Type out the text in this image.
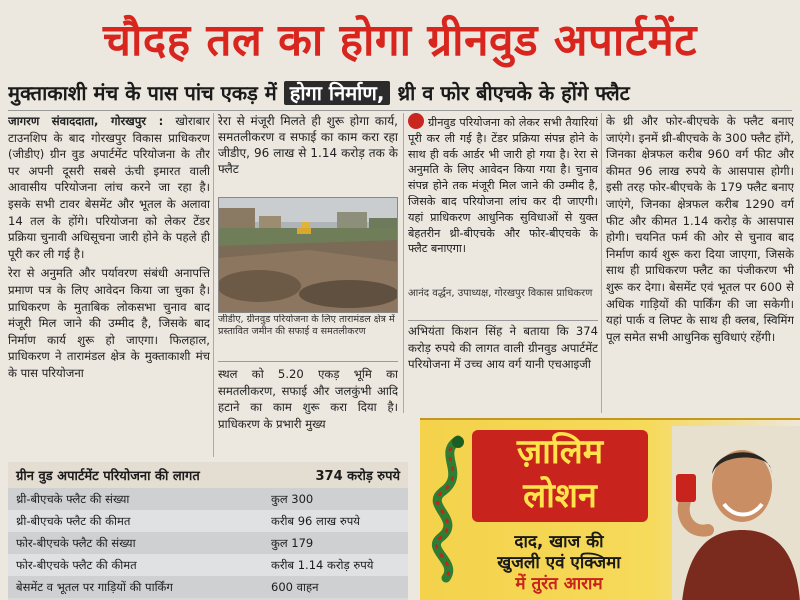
चौदह तल का होगा ग्रीनवुड अपार्टमेंट
मुक्ताकाशी मंच के पास पांच एकड़ में होगा निर्माण, थ्री व फोर बीएचके के होंगे फ्लैट

जागरण संवाददाता, गोरखपुर : खोराबार टाउनशिप के बाद गोरखपुर विकास प्राधिकरण (जीडीए) ग्रीन वुड अपार्टमेंट परियोजना के तौर पर अपनी दूसरी सबसे ऊंची इमारत वाली आवासीय परियोजना लांच करने जा रहा है। इसके सभी टावर बेसमेंट और भूतल के अलावा 14 तल के होंगे। परियोजना को लेकर टेंडर प्रक्रिया चुनावी अधिसूचना जारी होने के पहले ही पूरी कर ली गई है।

रेरा से अनुमति और पर्यावरण संबंधी अनापत्ति प्रमाण पत्र के लिए आवेदन किया जा चुका है। प्राधिकरण के मुताबिक लोकसभा चुनाव बाद मंजूरी मिल जाने की उम्मीद है, जिसके बाद निर्माण कार्य शुरू हो जाएगा। फिलहाल, प्राधिकरण ने तारामंडल क्षेत्र के मुक्ताकाशी मंच के पास परियोजना

रेरा से मंजूरी मिलते ही शुरू होगा कार्य, समतलीकरण व सफाई का काम करा रहा जीडीए, 96 लाख से 1.14 करोड़ तक के फ्लैट
जीडीए, ग्रीनवुड परियोजना के लिए तारामंडल क्षेत्र में प्रस्तावित जमीन की सफाई व समतलीकरण
स्थल को 5.20 एकड़ भूमि का समतलीकरण, सफाई और जलकुंभी आदि हटाने का काम शुरू करा दिया है। प्राधिकरण के प्रभारी मुख्य
ग्रीनवुड परियोजना को लेकर सभी तैयारियां पूरी कर ली गई है। टेंडर प्रक्रिया संपन्न होने के साथ ही वर्क आर्डर भी जारी हो गया है। रेरा से अनुमति के लिए आवेदन किया गया है। चुनाव संपन्न होने तक मंजूरी मिल जाने की उम्मीद है, जिसके बाद परियोजना लांच कर दी जाएगी। यहां प्राधिकरण आधुनिक सुविधाओं से युक्त बेहतरीन थ्री-बीएचके और फोर-बीएचके के फ्लैट बनाएगा।
आनंद वर्द्धन, उपाध्यक्ष, गोरखपुर विकास प्राधिकरण
अभियंता किशन सिंह ने बताया कि 374 करोड़ रुपये की लागत वाली ग्रीनवुड अपार्टमेंट परियोजना में उच्च आय वर्ग यानी एचआइजी
के थ्री और फोर-बीएचके के फ्लैट बनाए जाएंगे। इनमें थ्री-बीएचके के 300 फ्लैट होंगे, जिनका क्षेत्रफल करीब 960 वर्ग फीट और कीमत 96 लाख रुपये के आसपास होगी। इसी तरह फोर-बीएचके के 179 फ्लैट बनाए जाएंगे, जिनका क्षेत्रफल करीब 1290 वर्ग फीट और कीमत 1.14 करोड़ के आसपास होगी। चयनित फर्म की ओर से चुनाव बाद निर्माण कार्य शुरू करा दिया जाएगा, जिसके साथ ही प्राधिकरण फ्लैट का पंजीकरण भी शुरू कर देगा। बेसमेंट एवं भूतल पर 600 से अधिक गाड़ियों की पार्किंग की जा सकेगी। यहां पार्क व लिफ्ट के साथ ही क्लब, स्विमिंग पूल समेत सभी आधुनिक सुविधाएं रहेंगी।
ग्रीन वुड अपार्टमेंट परियोजना की लागत	374 करोड़ रुपये
थ्री-बीएचके फ्लैट की संख्या	कुल 300
थ्री-बीएचके फ्लैट की कीमत	करीब 96 लाख रुपये
फोर-बीएचके फ्लैट की संख्या	कुल 179
फोर-बीएचके फ्लैट की कीमत	करीब 1.14 करोड़ रुपये
बेसमेंट व भूतल पर गाड़ियों की पार्किंग	600 वाहन
ज़ालिम
लोशन
दाद, खाज की
खुजली एवं एक्जिमा
में तुरंत आराम
